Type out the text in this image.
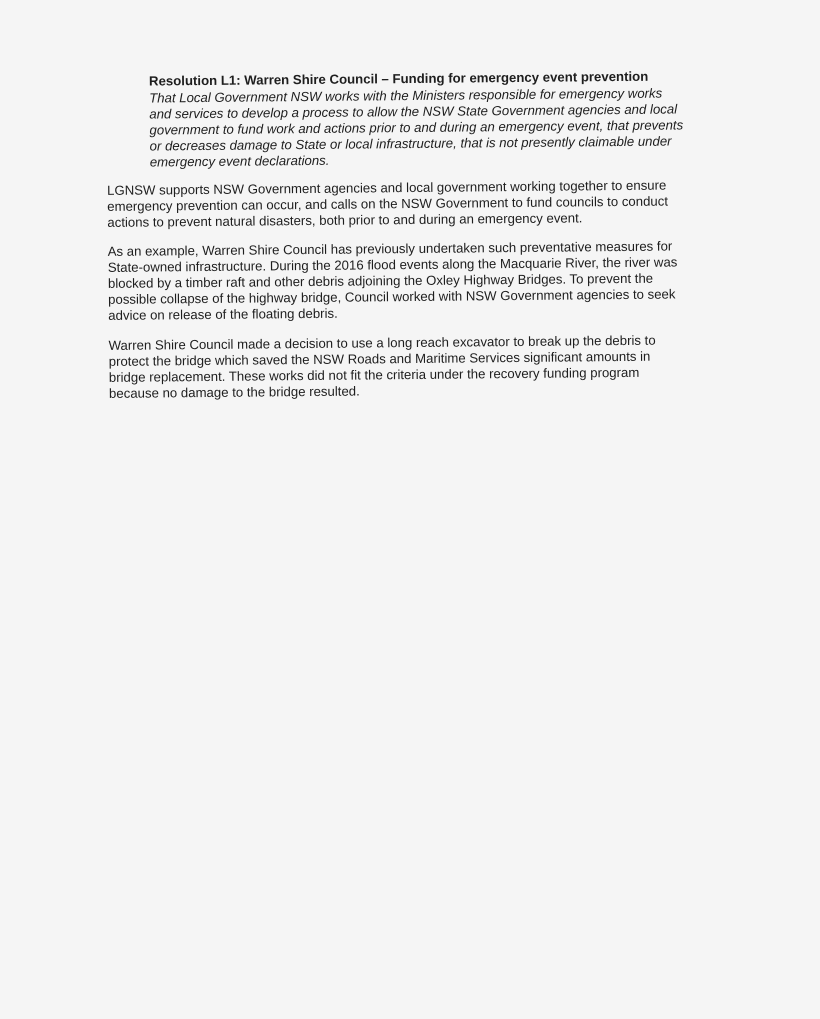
Resolution L1: Warren Shire Council – Funding for emergency event prevention
That Local Government NSW works with the Ministers responsible for emergency works
and services to develop a process to allow the NSW State Government agencies and local
government to fund work and actions prior to and during an emergency event, that prevents
or decreases damage to State or local infrastructure, that is not presently claimable under
emergency event declarations.
LGNSW supports NSW Government agencies and local government working together to ensure
emergency prevention can occur, and calls on the NSW Government to fund councils to conduct
actions to prevent natural disasters, both prior to and during an emergency event.
As an example, Warren Shire Council has previously undertaken such preventative measures for
State-owned infrastructure. During the 2016 flood events along the Macquarie River, the river was
blocked by a timber raft and other debris adjoining the Oxley Highway Bridges. To prevent the
possible collapse of the highway bridge, Council worked with NSW Government agencies to seek
advice on release of the floating debris.
Warren Shire Council made a decision to use a long reach excavator to break up the debris to
protect the bridge which saved the NSW Roads and Maritime Services significant amounts in
bridge replacement. These works did not fit the criteria under the recovery funding program
because no damage to the bridge resulted.
